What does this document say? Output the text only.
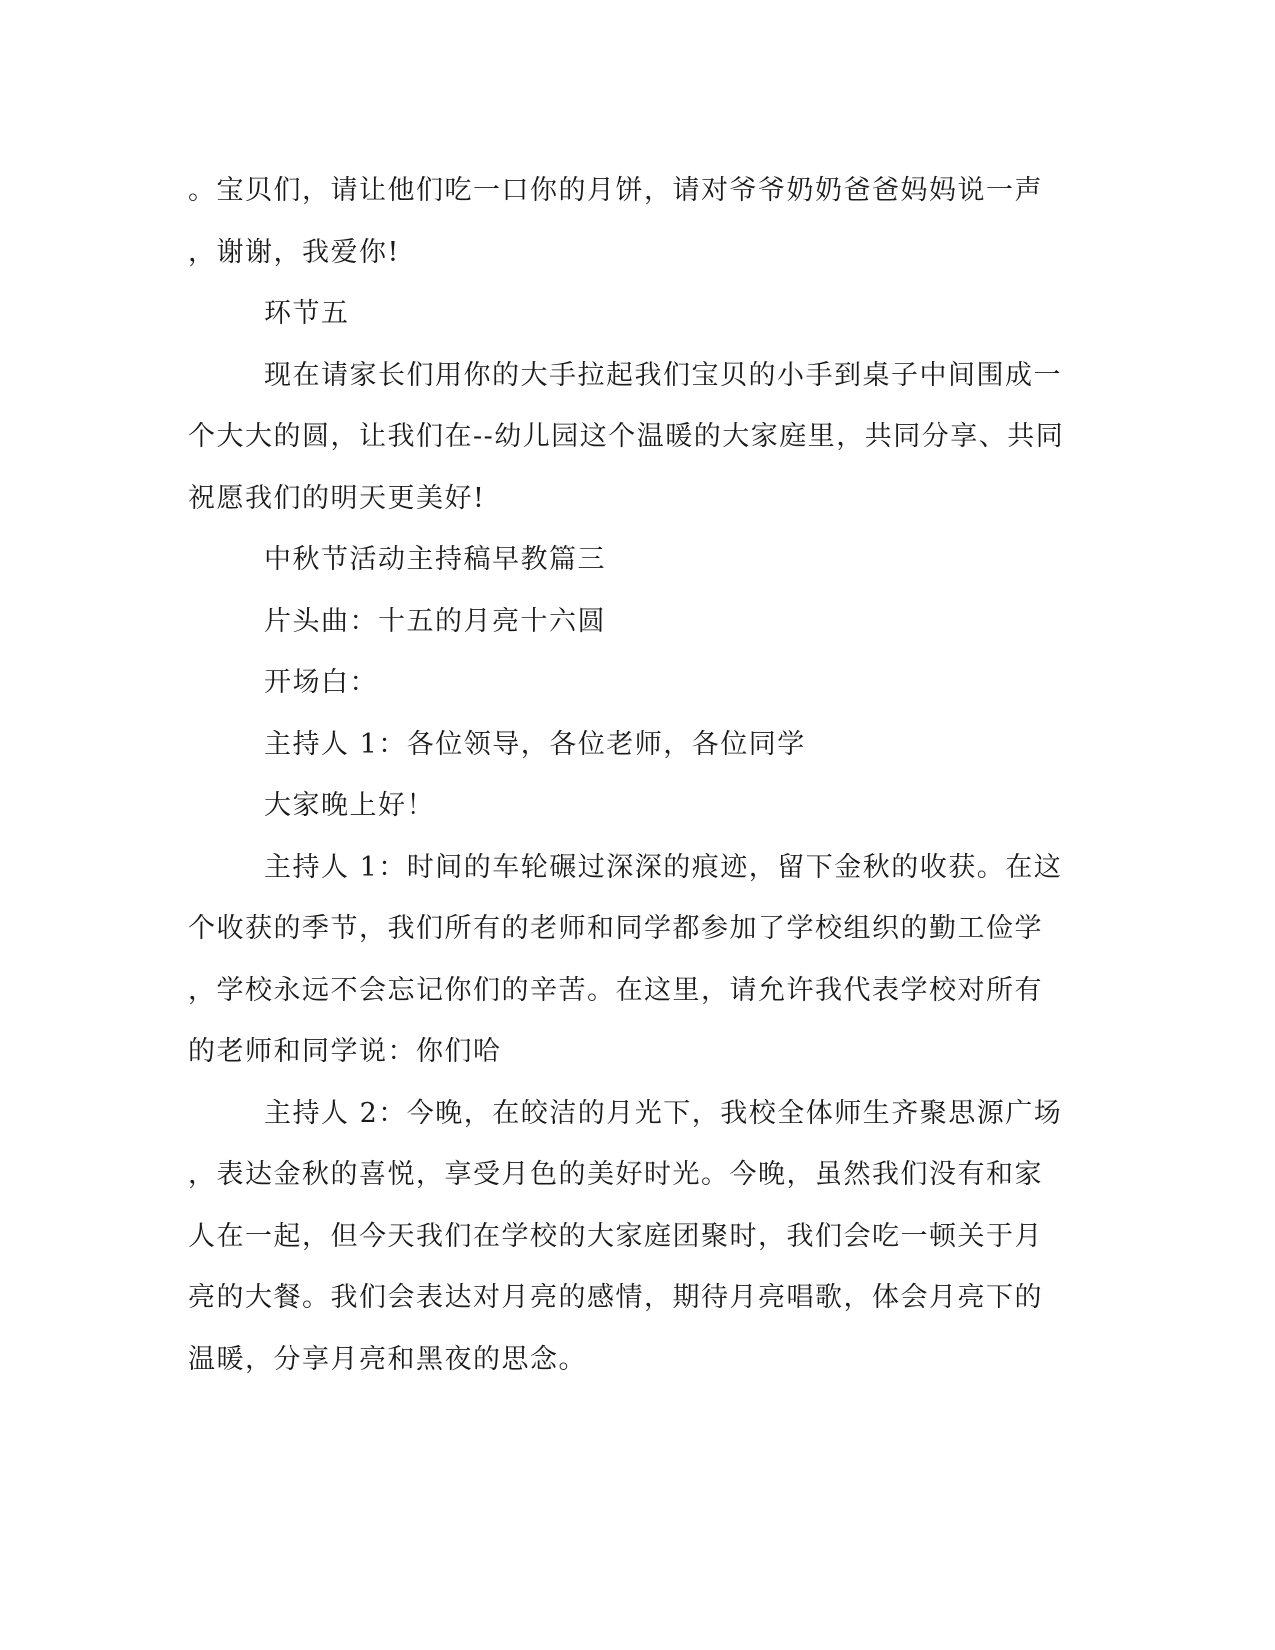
。宝贝们，请让他们吃一口你的月饼，请对爷爷奶奶爸爸妈妈说一声
，谢谢，我爱你!
环节五
现在请家长们用你的大手拉起我们宝贝的小手到桌子中间围成一
个大大的圆，让我们在--幼儿园这个温暖的大家庭里，共同分享、共同
祝愿我们的明天更美好!
中秋节活动主持稿早教篇三
片头曲：十五的月亮十六圆
开场白：
主持人 1：各位领导，各位老师，各位同学
大家晚上好！
主持人 1：时间的车轮碾过深深的痕迹，留下金秋的收获。在这
个收获的季节，我们所有的老师和同学都参加了学校组织的勤工俭学
，学校永远不会忘记你们的辛苦。在这里，请允许我代表学校对所有
的老师和同学说：你们哈
主持人 2：今晚，在皎洁的月光下，我校全体师生齐聚思源广场
，表达金秋的喜悦，享受月色的美好时光。今晚，虽然我们没有和家
人在一起，但今天我们在学校的大家庭团聚时，我们会吃一顿关于月
亮的大餐。我们会表达对月亮的感情，期待月亮唱歌，体会月亮下的
温暖，分享月亮和黑夜的思念。
